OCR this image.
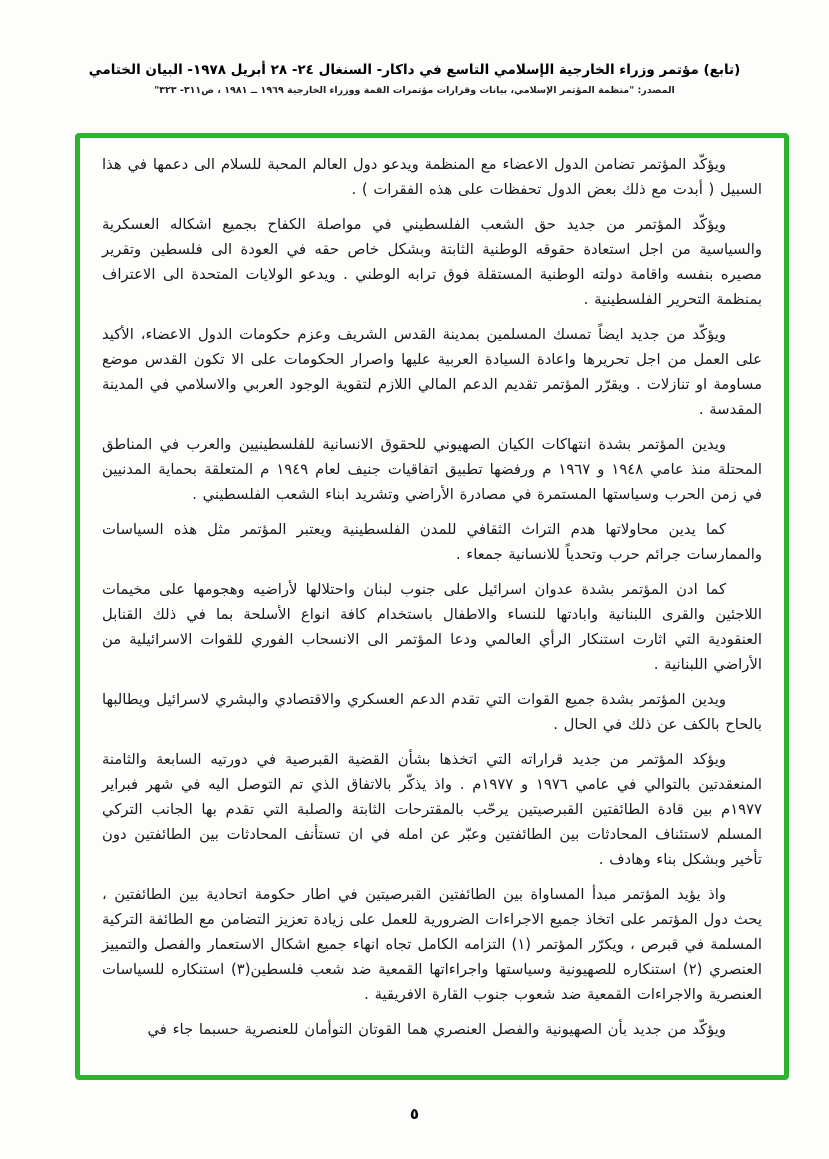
(تابع) مؤتمر وزراء الخارجية الإسلامي التاسع في داكار- السنغال ٢٤- ٢٨ أبريل ١٩٧٨- البيان الختامي
المصدر: "منظمة المؤتمر الإسلامي، بيانات وقرارات مؤتمرات القمة ووزراء الخارجية ١٩٦٩ ــ ١٩٨١ ، ص٣١١- ٣٢٣"

ويؤكّد المؤتمر تضامن الدول الاعضاء مع المنظمة ويدعو دول العالم المحبة للسلام الى دعمها في هذا السبيل ( أبدت مع ذلك بعض الدول تحفظات على هذه الفقرات ) .

ويؤكّد المؤتمر من جديد حق الشعب الفلسطيني في مواصلة الكفاح بجميع اشكاله العسكرية والسياسية من اجل استعادة حقوقه الوطنية الثابتة وبشكل خاص حقه في العودة الى فلسطين وتقرير مصيره بنفسه واقامة دولته الوطنية المستقلة فوق ترابه الوطني . ويدعو الولايات المتحدة الى الاعتراف بمنظمة التحرير الفلسطينية .

ويؤكّد من جديد ايضاً تمسك المسلمين بمدينة القدس الشريف وعزم حكومات الدول الاعضاء، الأكيد على العمل من اجل تحريرها واعادة السيادة العربية عليها واصرار الحكومات على الا تكون القدس موضع مساومة او تنازلات . ويقرّر المؤتمر تقديم الدعم المالي اللازم لتقوية الوجود العربي والاسلامي في المدينة المقدسة .

ويدين المؤتمر بشدة انتهاكات الكيان الصهيوني للحقوق الانسانية للفلسطينيين والعرب في المناطق المحتلة منذ عامي ١٩٤٨ و ١٩٦٧ م ورفضها تطبيق اتفاقيات جنيف لعام ١٩٤٩ م المتعلقة بحماية المدنيين في زمن الحرب وسياستها المستمرة في مصادرة الأراضي وتشريد ابناء الشعب الفلسطيني .

كما يدين محاولاتها هدم التراث الثقافي للمدن الفلسطينية ويعتبر المؤتمر مثل هذه السياسات والممارسات جرائم حرب وتحدياً للانسانية جمعاء .

كما ادن المؤتمر بشدة عدوان اسرائيل على جنوب لبنان واحتلالها لأراضيه وهجومها على مخيمات اللاجئين والقرى اللبنانية وابادتها للنساء والاطفال باستخدام كافة انواع الأسلحة بما في ذلك القنابل العنقودية التي اثارت استنكار الرأي العالمي ودعا المؤتمر الى الانسحاب الفوري للقوات الاسرائيلية من الأراضي اللبنانية .

ويدين المؤتمر بشدة جميع القوات التي تقدم الدعم العسكري والاقتصادي والبشري لاسرائيل ويطالبها بالحاح بالكف عن ذلك في الحال .

ويؤكد المؤتمر من جديد قراراته التي اتخذها بشأن القضية القبرصية في دورتيه السابعة والثامنة المنعقدتين بالتوالي في عامي ١٩٧٦ و ١٩٧٧م . واذ يذكّر بالاتفاق الذي تم التوصل اليه في شهر فبراير ١٩٧٧م بين قادة الطائفتين القبرصيتين يرحّب بالمقترحات الثابتة والصلبة التي تقدم بها الجانب التركي المسلم لاستئناف المحادثات بين الطائفتين وعبّر عن امله في ان تستأنف المحادثات بين الطائفتين دون تأخير وبشكل بناء وهادف .

واذ يؤيد المؤتمر مبدأ المساواة بين الطائفتين القبرصيتين في اطار حكومة اتحادية بين الطائفتين ، يحث دول المؤتمر على اتخاذ جميع الاجراءات الضرورية للعمل على زيادة تعزيز التضامن مع الطائفة التركية المسلمة في قبرص ، ويكرّر المؤتمر (١) التزامه الكامل تجاه انهاء جميع اشكال الاستعمار والفصل والتمييز العنصري (٢) استنكاره للصهيونية وسياستها واجراءاتها القمعية ضد شعب فلسطين(٣) استنكاره للسياسات العنصرية والاجراءات القمعية ضد شعوب جنوب القارة الافريقية .

ويؤكّد من جديد بأن الصهيونية والفصل العنصري هما القوتان التوأمان للعنصرية حسبما جاء في

٥
